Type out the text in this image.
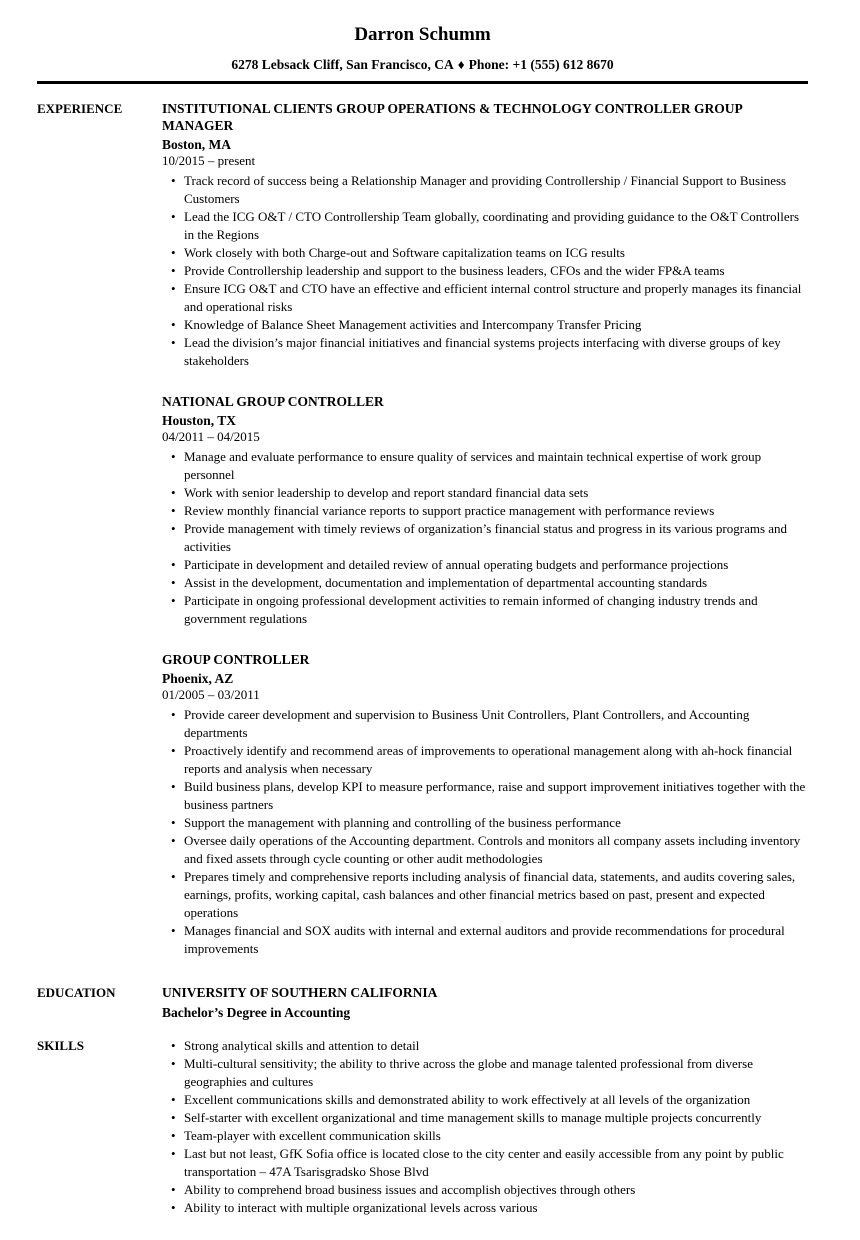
Darron Schumm

6278 Lebsack Cliff, San Francisco, CA ♦ Phone: +1 (555) 612 8670

EXPERIENCE	INSTITUTIONAL CLIENTS GROUP OPERATIONS & TECHNOLOGY CONTROLLER GROUP MANAGER
Boston, MA
10/2015 – present
• Track record of success being a Relationship Manager and providing Controllership / Financial Support to Business Customers
• Lead the ICG O&T / CTO Controllership Team globally, coordinating and providing guidance to the O&T Controllers in the Regions
• Work closely with both Charge-out and Software capitalization teams on ICG results
• Provide Controllership leadership and support to the business leaders, CFOs and the wider FP&A teams
• Ensure ICG O&T and CTO have an effective and efficient internal control structure and properly manages its financial and operational risks
• Knowledge of Balance Sheet Management activities and Intercompany Transfer Pricing
• Lead the division’s major financial initiatives and financial systems projects interfacing with diverse groups of key stakeholders
NATIONAL GROUP CONTROLLER
Houston, TX
04/2011 – 04/2015
• Manage and evaluate performance to ensure quality of services and maintain technical expertise of work group personnel
• Work with senior leadership to develop and report standard financial data sets
• Review monthly financial variance reports to support practice management with performance reviews
• Provide management with timely reviews of organization’s financial status and progress in its various programs and activities
• Participate in development and detailed review of annual operating budgets and performance projections
• Assist in the development, documentation and implementation of departmental accounting standards
• Participate in ongoing professional development activities to remain informed of changing industry trends and government regulations
GROUP CONTROLLER
Phoenix, AZ
01/2005 – 03/2011
• Provide career development and supervision to Business Unit Controllers, Plant Controllers, and Accounting departments
• Proactively identify and recommend areas of improvements to operational management along with ah-hock financial reports and analysis when necessary
• Build business plans, develop KPI to measure performance, raise and support improvement initiatives together with the business partners
• Support the management with planning and controlling of the business performance
• Oversee daily operations of the Accounting department. Controls and monitors all company assets including inventory and fixed assets through cycle counting or other audit methodologies
• Prepares timely and comprehensive reports including analysis of financial data, statements, and audits covering sales, earnings, profits, working capital, cash balances and other financial metrics based on past, present and expected operations
• Manages financial and SOX audits with internal and external auditors and provide recommendations for procedural improvements
EDUCATION	UNIVERSITY OF SOUTHERN CALIFORNIA
Bachelor’s Degree in Accounting
SKILLS	• Strong analytical skills and attention to detail
• Multi-cultural sensitivity; the ability to thrive across the globe and manage talented professional from diverse geographies and cultures
• Excellent communications skills and demonstrated ability to work effectively at all levels of the organization
• Self-starter with excellent organizational and time management skills to manage multiple projects concurrently
• Team-player with excellent communication skills
• Last but not least, GfK Sofia office is located close to the city center and easily accessible from any point by public transportation – 47A Tsarisgradsko Shose Blvd
• Ability to comprehend broad business issues and accomplish objectives through others
• Ability to interact with multiple organizational levels across various
